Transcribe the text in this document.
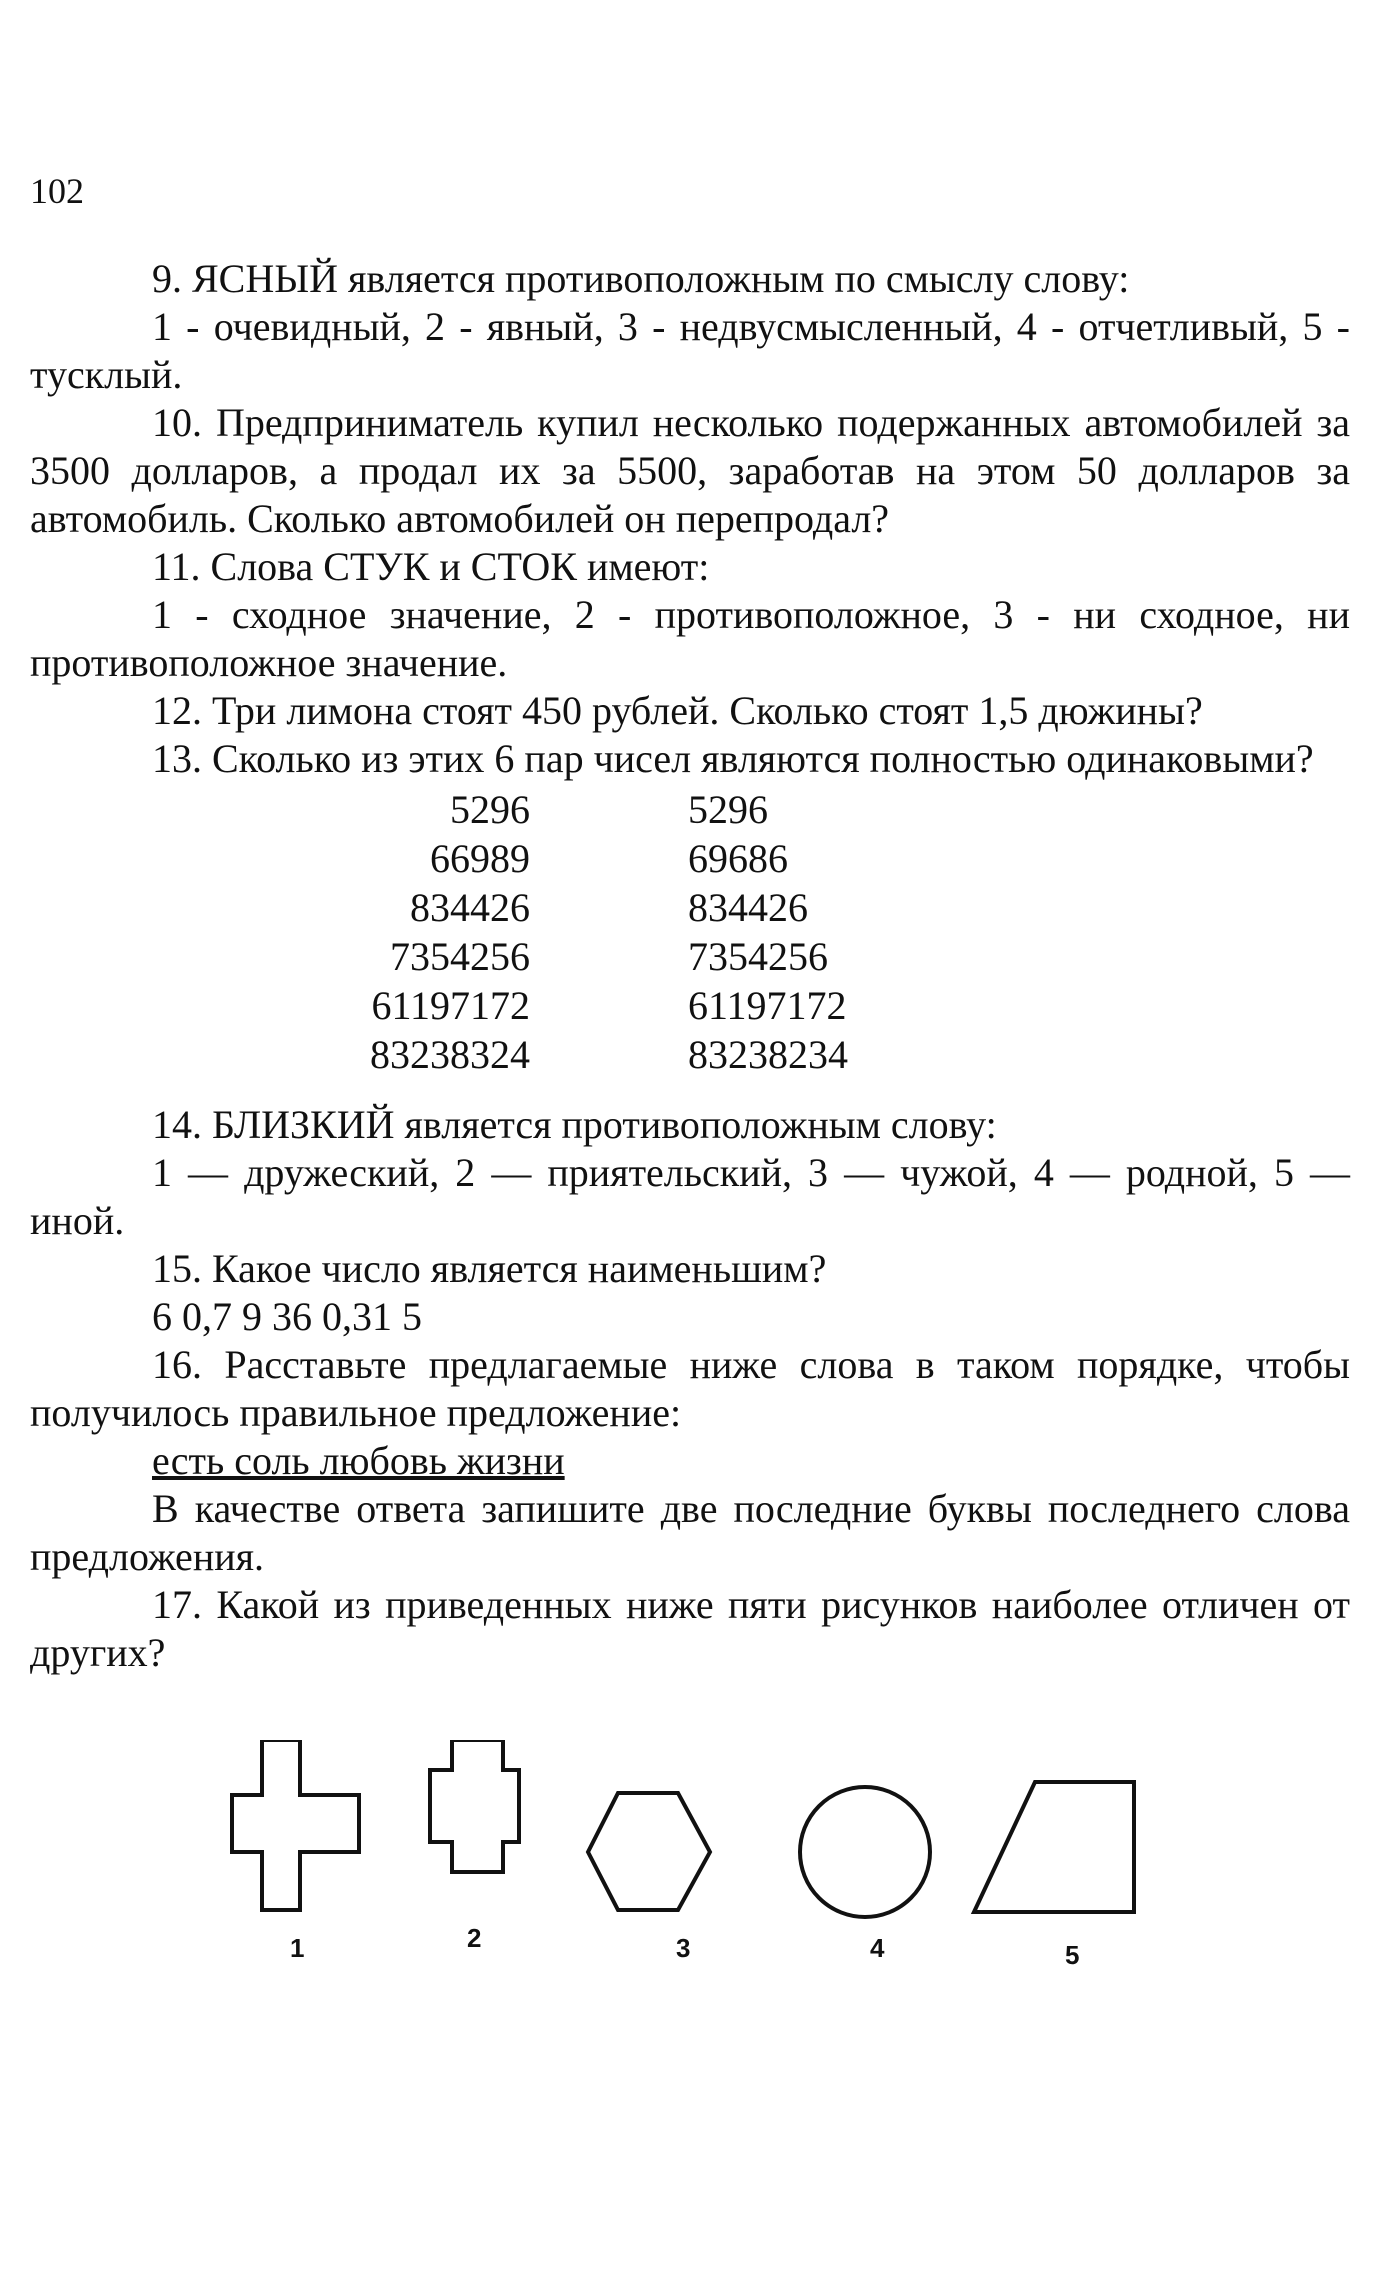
102

9. ЯСНЫЙ является противоположным по смыслу слову:

1 - очевидный, 2 - явный, 3 - недвусмысленный, 4 - отчетливый, 5 - тусклый.

10. Предприниматель купил несколько подержанных автомобилей за 3500 долларов, а продал их за 5500, заработав на этом 50 долларов за автомобиль. Сколько автомобилей он перепродал?

11. Слова СТУК и СТОК имеют:

1 - сходное значение, 2 - противоположное, 3 - ни сходное, ни противоположное значение.

12. Три лимона стоят 450 рублей. Сколько стоят 1,5 дюжины?

13. Сколько из этих 6 пар чисел являются полностью одинаковыми?

5296	5296
66989	69686
834426	834426
7354256	7354256
61197172	61197172
83238324	83238234

14. БЛИЗКИЙ является противоположным слову:

1 — дружеский, 2 — приятельский, 3 — чужой, 4 — родной, 5 — иной.

15. Какое число является наименьшим?

6 0,7 9 36 0,31 5

16. Расставьте предлагаемые ниже слова в таком порядке, чтобы получилось правильное предложение:

есть соль любовь жизни

В качестве ответа запишите две последние буквы последнего слова предложения.

17. Какой из приведенных ниже пяти рисунков наиболее отличен от других?

1	2	3	4	5
